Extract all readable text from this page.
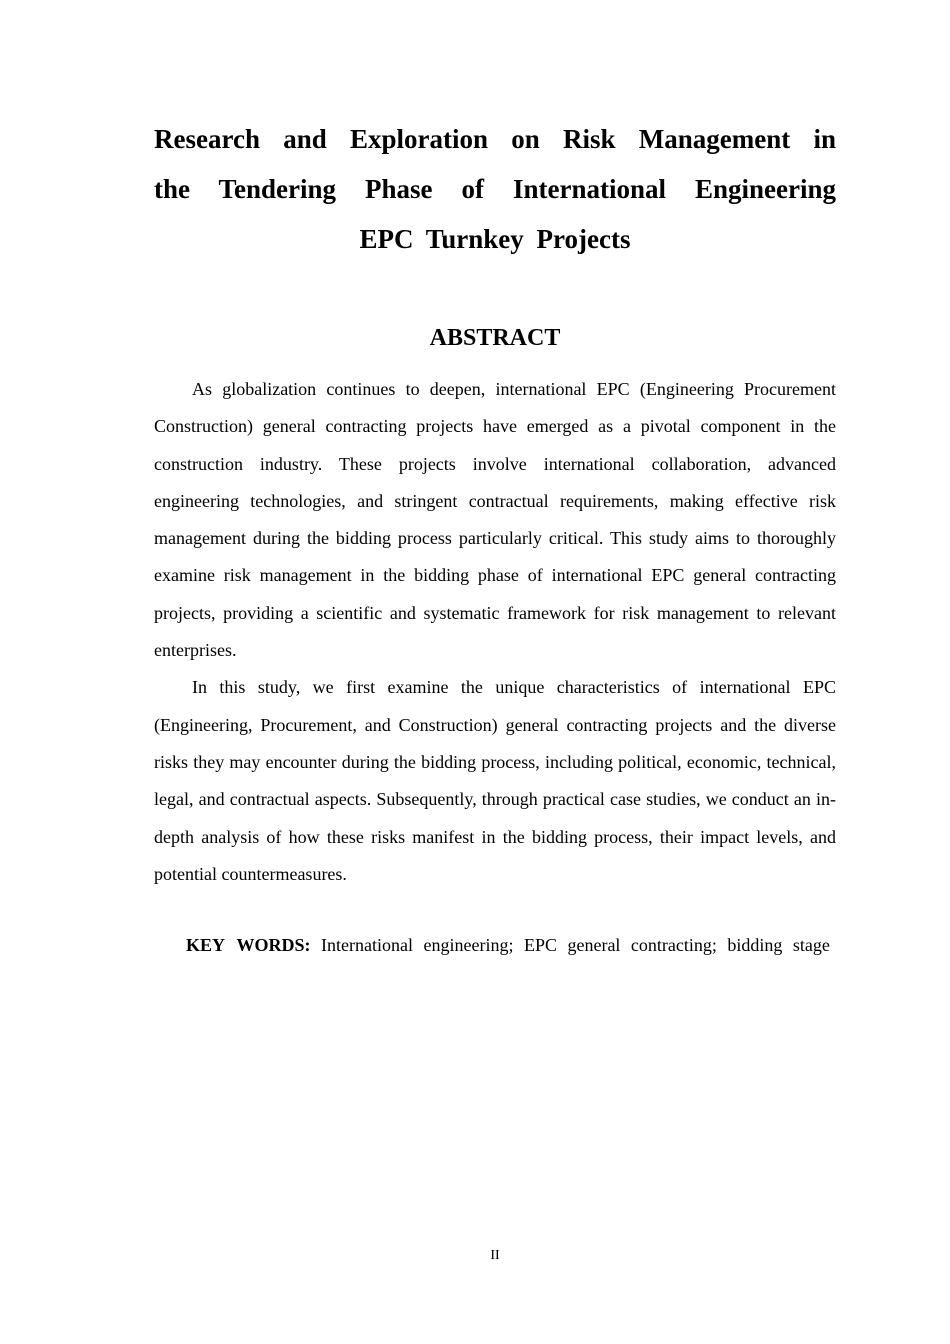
Research and Exploration on Risk Management in
the Tendering Phase of International Engineering
EPC Turnkey Projects
ABSTRACT

As globalization continues to deepen, international EPC (Engineering Procurement Construction) general contracting projects have emerged as a pivotal component in the construction industry. These projects involve international collaboration, advanced engineering technologies, and stringent contractual requirements, making effective risk management during the bidding process particularly critical. This study aims to thoroughly examine risk management in the bidding phase of international EPC general contracting projects, providing a scientific and systematic framework for risk management to relevant enterprises.

In this study, we first examine the unique characteristics of international EPC (Engineering, Procurement, and Construction) general contracting projects and the diverse risks they may encounter during the bidding process, including political, economic, technical, legal, and contractual aspects. Subsequently, through practical case studies, we conduct an in-depth analysis of how these risks manifest in the bidding process, their impact levels, and potential countermeasures.

KEY WORDS: International engineering; EPC general contracting; bidding stage

II
